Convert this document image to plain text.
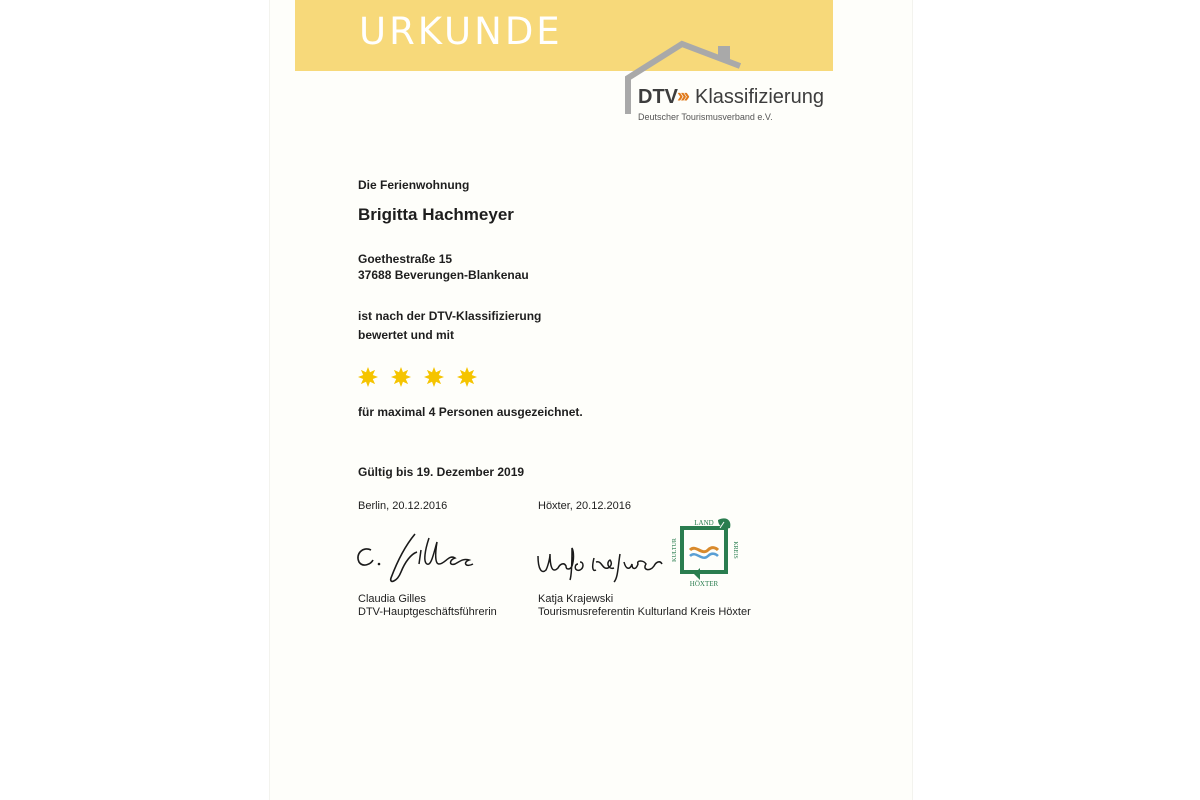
URKUNDE
DTV ››› Klassifizierung
Deutscher Tourismusverband e.V.
Die Ferienwohnung
Brigitta Hachmeyer
Goethestraße 15
37688 Beverungen-Blankenau
ist nach der DTV-Klassifizierung
bewertet und mit
für maximal 4 Personen ausgezeichnet.
Gültig bis 19. Dezember 2019
Berlin, 20.12.2016
Claudia Gilles
DTV-Hauptgeschäftsführerin
Höxter, 20.12.2016
Katja Krajewski
Tourismusreferentin Kulturland Kreis Höxter
LAND
HÖXTER
KULTUR	KREIS
